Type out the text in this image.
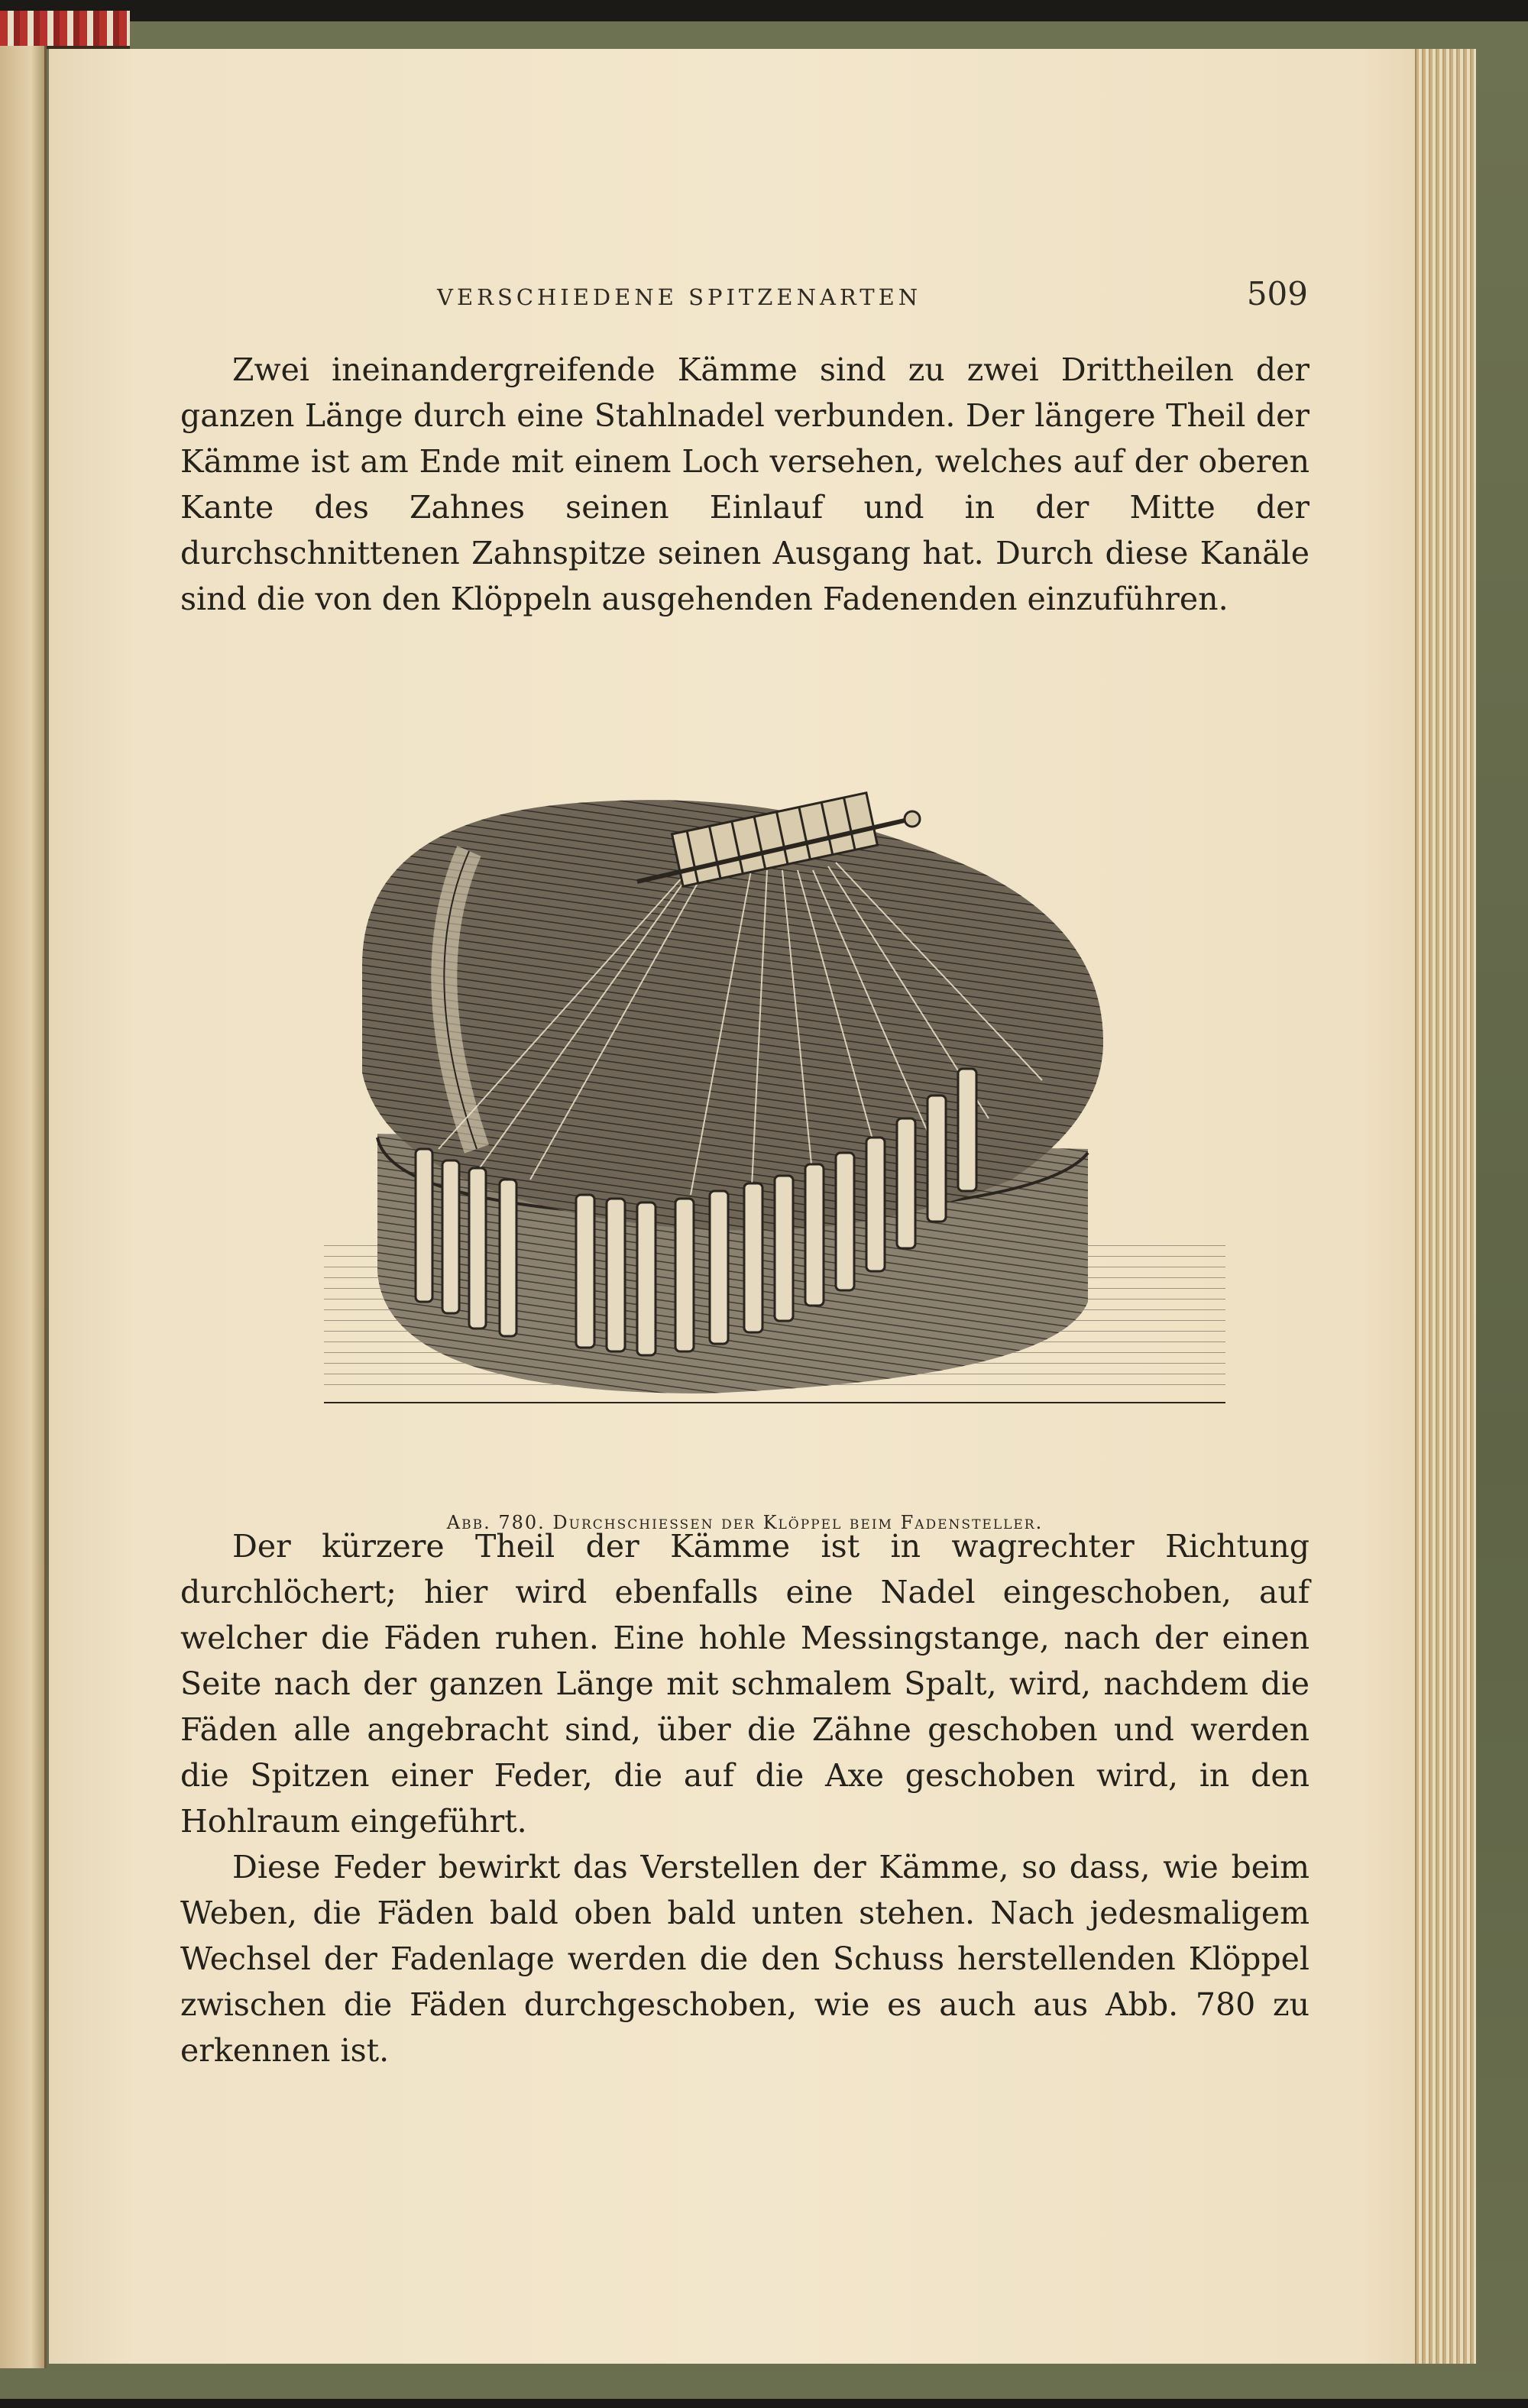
VERSCHIEDENE SPITZENARTEN	509

Zwei ineinandergreifende Kämme sind zu zwei Drittheilen der ganzen Länge durch eine Stahlnadel verbunden. Der längere Theil der Kämme ist am Ende mit einem Loch versehen, welches auf der oberen Kante des Zahnes seinen Einlauf und in der Mitte der durchschnittenen Zahnspitze seinen Ausgang hat. Durch diese Kanäle sind die von den Klöppeln ausgehenden Fadenenden einzuführen.

Abb. 780. Durchschiessen der Klöppel beim Fadensteller.

Der kürzere Theil der Kämme ist in wagrechter Richtung durchlöchert; hier wird ebenfalls eine Nadel eingeschoben, auf welcher die Fäden ruhen. Eine hohle Messingstange, nach der einen Seite nach der ganzen Länge mit schmalem Spalt, wird, nachdem die Fäden alle angebracht sind, über die Zähne geschoben und werden die Spitzen einer Feder, die auf die Axe geschoben wird, in den Hohlraum eingeführt.

Diese Feder bewirkt das Verstellen der Kämme, so dass, wie beim Weben, die Fäden bald oben bald unten stehen. Nach jedesmaligem Wechsel der Fadenlage werden die den Schuss herstellenden Klöppel zwischen die Fäden durchgeschoben, wie es auch aus Abb. 780 zu erkennen ist.
